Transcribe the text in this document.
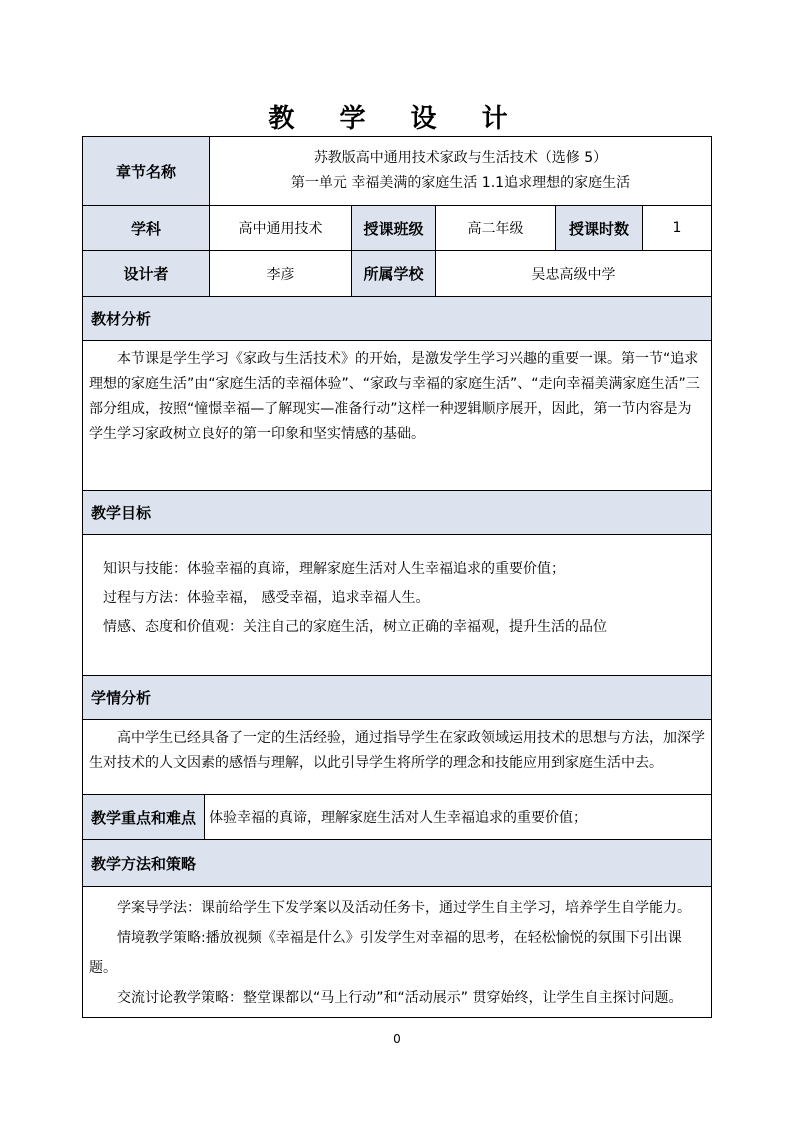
教 学 设 计
章节名称
苏教版高中通用技术家政与生活技术（选修 5）
第一单元 幸福美满的家庭生活 1.1追求理想的家庭生活
学科	高中通用技术	授课班级	高二年级	授课时数	1
设计者	李彦	所属学校	吴忠高级中学
教材分析
本节课是学生学习《家政与生活技术》的开始，是激发学生学习兴趣的重要一课。第一节“追求理想的家庭生活”由“家庭生活的幸福体验”、“家政与幸福的家庭生活”、“走向幸福美满家庭生活”三部分组成，按照“憧憬幸福—了解现实—准备行动”这样一种逻辑顺序展开，因此，第一节内容是为学生学习家政树立良好的第一印象和坚实情感的基础。
教学目标
知识与技能：体验幸福的真谛，理解家庭生活对人生幸福追求的重要价值；
过程与方法：体验幸福， 感受幸福，追求幸福人生。
情感、态度和价值观：关注自己的家庭生活，树立正确的幸福观，提升生活的品位
学情分析
高中学生已经具备了一定的生活经验，通过指导学生在家政领域运用技术的思想与方法，加深学生对技术的人文因素的感悟与理解，以此引导学生将所学的理念和技能应用到家庭生活中去。
教学重点和难点 体验幸福的真谛，理解家庭生活对人生幸福追求的重要价值；
教学方法和策略
学案导学法：课前给学生下发学案以及活动任务卡，通过学生自主学习，培养学生自学能力。
情境教学策略:播放视频《幸福是什么》引发学生对幸福的思考，在轻松愉悦的氛围下引出课题。
交流讨论教学策略：整堂课都以“马上行动”和“活动展示” 贯穿始终，让学生自主探讨问题。
0
